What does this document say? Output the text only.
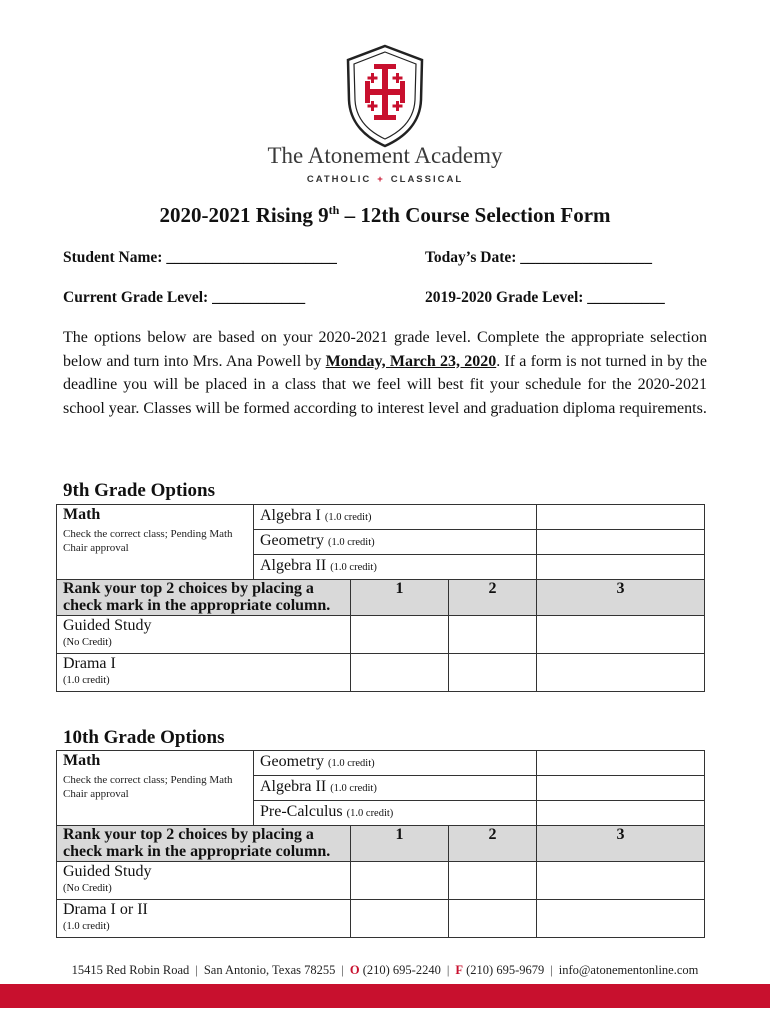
The Atonement Academy
CATHOLIC + CLASSICAL
2020-2021 Rising 9th – 12th Course Selection Form
Student Name: ______________________	Today’s Date: _________________
Current Grade Level: ____________	2019-2020 Grade Level: __________
The options below are based on your 2020-2021 grade level. Complete the appropriate selection below and turn into Mrs. Ana Powell by Monday, March 23, 2020. If a form is not turned in by the deadline you will be placed in a class that we feel will best fit your schedule for the 2020-2021 school year. Classes will be formed according to interest level and graduation diploma requirements.
9th Grade Options
Math
Check the correct class; Pending Math Chair approval	Algebra I (1.0 credit)			
	Geometry (1.0 credit)			
	Algebra II (1.0 credit)			
Rank your top 2 choices by placing a check mark in the appropriate column.		1	2	3
Guided Study
(No Credit)				

Drama I
(1.0 credit)				

10th Grade Options
Math
Check the correct class; Pending Math Chair approval	Geometry (1.0 credit)			
	Algebra II (1.0 credit)			
	Pre-Calculus (1.0 credit)			
Rank your top 2 choices by placing a check mark in the appropriate column.		1	2	3
Guided Study
(No Credit)				

Drama I or II
(1.0 credit)				

15415 Red Robin Road | San Antonio, Texas 78255 | O (210) 695-2240 | F (210) 695-9679 | info@atonementonline.com
